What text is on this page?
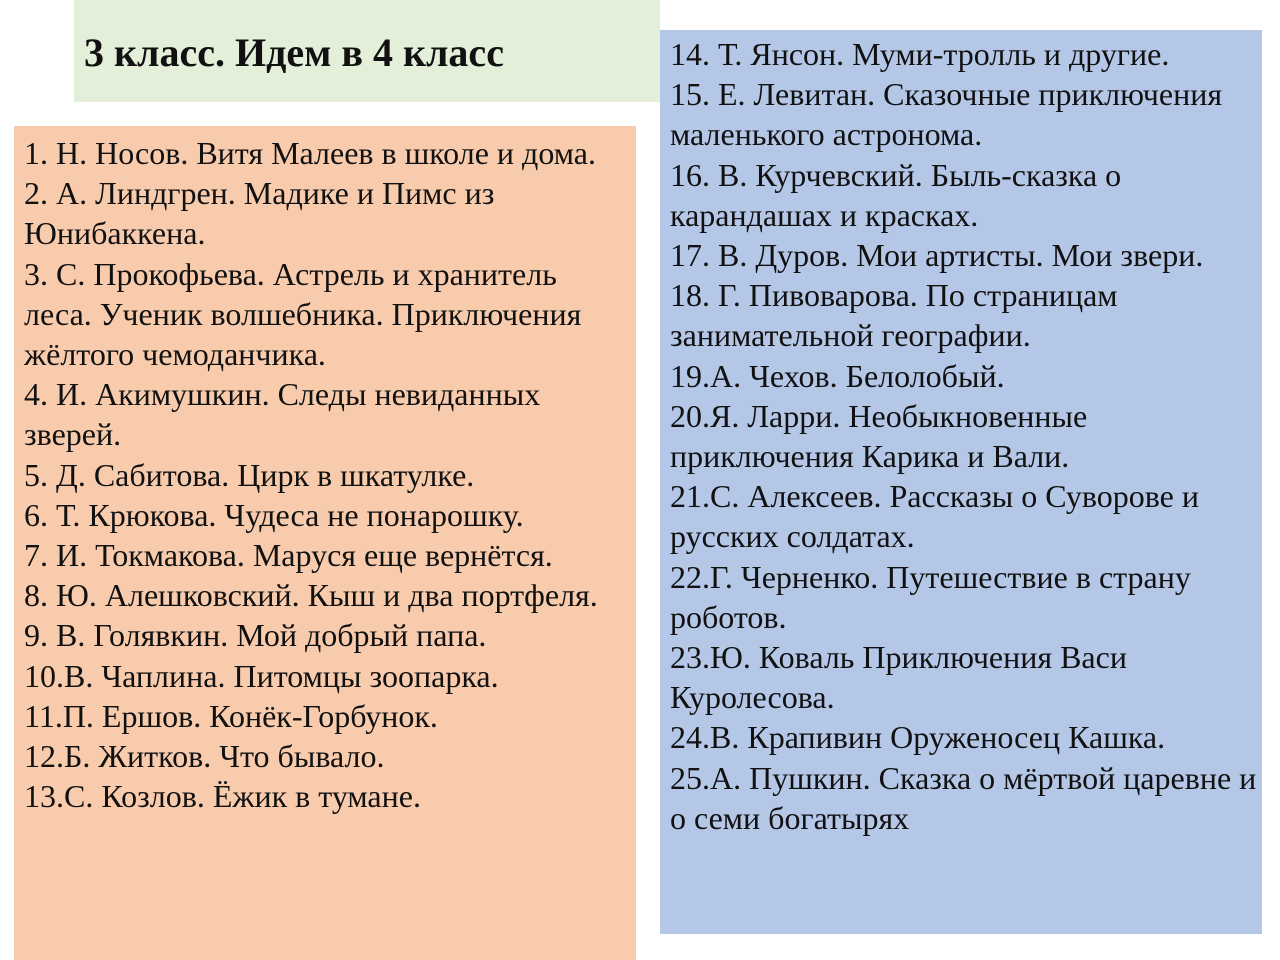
3 класс. Идем в 4 класс
1. Н. Носов. Витя Малеев в школе и дома.
2. А. Линдгрен. Мадике и Пимс из Юнибаккена.
3. С. Прокофьева. Астрель и хранитель леса. Ученик волшебника. Приключения жёлтого чемоданчика.
4. И. Акимушкин. Следы невиданных зверей.
5. Д. Сабитова. Цирк в шкатулке.
6. Т. Крюкова. Чудеса не понарошку.
7. И. Токмакова. Маруся еще вернётся.
8. Ю. Алешковский. Кыш и два портфеля.
9. В. Голявкин. Мой добрый папа.
10.В. Чаплина. Питомцы зоопарка.
11.П. Ершов. Конёк-Горбунок.
12.Б. Житков. Что бывало.
13.С. Козлов. Ёжик в тумане.
14. Т. Янсон. Муми-тролль и другие.
15. Е. Левитан. Сказочные приключения маленького астронома.
16. В. Курчевский. Быль-сказка о карандашах и красках.
17. В. Дуров. Мои артисты. Мои звери.
18. Г. Пивоварова. По страницам занимательной географии.
19.А. Чехов. Белолобый.
20.Я. Ларри. Необыкновенные приключения Карика и Вали.
21.С. Алексеев. Рассказы о Суворове и русских солдатах.
22.Г. Черненко. Путешествие в страну роботов.
23.Ю. Коваль Приключения Васи Куролесова.
24.В. Крапивин Оруженосец Кашка.
25.А. Пушкин. Сказка о мёртвой царевне и о семи богатырях
